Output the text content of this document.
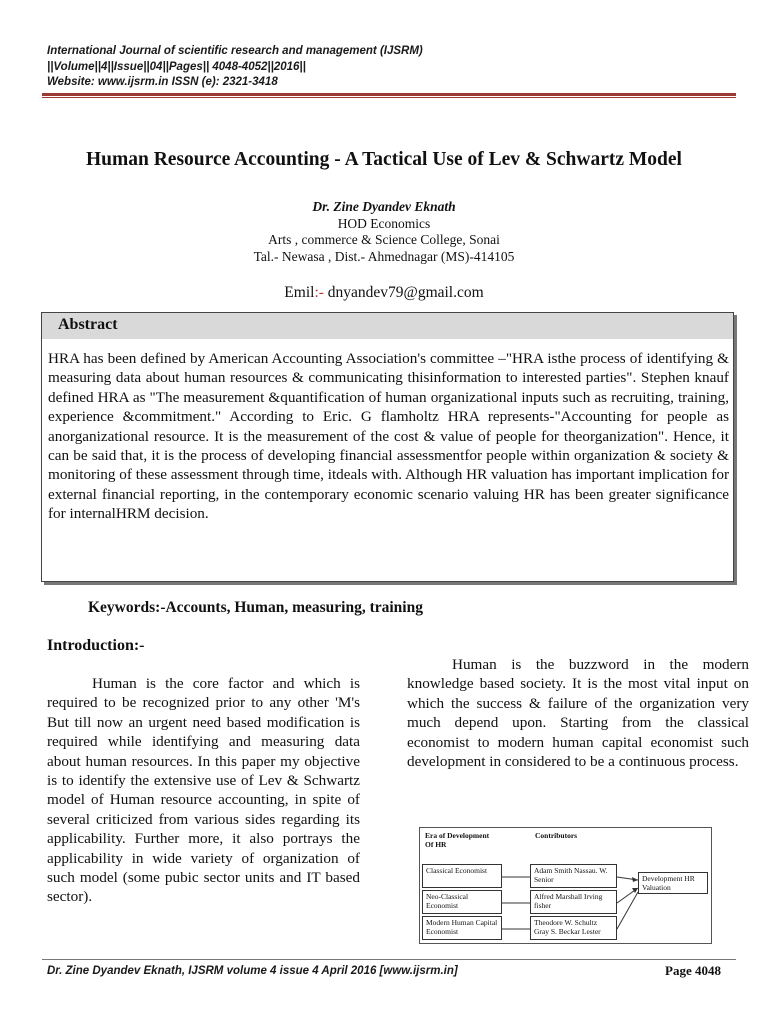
International Journal of scientific research and management (IJSRM)
||Volume||4||Issue||04||Pages|| 4048-4052||2016||
Website: www.ijsrm.in ISSN (e): 2321-3418
Human Resource Accounting - A Tactical Use of Lev & Schwartz Model
Dr. Zine Dyandev Eknath
HOD Economics
Arts , commerce & Science College, Sonai
Tal.- Newasa , Dist.- Ahmednagar (MS)-414105
Emil:- dnyandev79@gmail.com
Abstract
HRA has been defined by American Accounting Association's committee –"HRA isthe process of identifying & measuring data about human resources & communicating thisinformation to interested parties". Stephen knauf defined HRA as "The measurement &quantification of human organizational inputs such as recruiting, training, experience &commitment." According to Eric. G flamholtz HRA represents-"Accounting for people as anorganizational resource. It is the measurement of the cost & value of people for theorganization". Hence, it can be said that, it is the process of developing financial assessmentfor people within organization & society & monitoring of these assessment through time, itdeals with. Although HR valuation has important implication for external financial reporting, in the contemporary economic scenario valuing HR has been greater significance for internalHRM decision.
Keywords:-Accounts, Human, measuring, training
Introduction:-
Human is the core factor and which is required to be recognized prior to any other 'M's But till now an urgent need based modification is required while identifying and measuring data about human resources. In this paper my objective is to identify the extensive use of Lev & Schwartz model of Human resource accounting, in spite of several criticized from various sides regarding its applicability. Further more, it also portrays the applicability in wide variety of organization of such model (some pubic sector units and IT based sector).
Human is the buzzword in the modern knowledge based society. It is the most vital input on which the success & failure of the organization very much depend upon. Starting from the classical economist to modern human capital economist such development in considered to be a continuous process.
Era of Development Of HR
Contributors
Classical Economist	Adam Smith Nassau. W. Senior
Neo-Classical Economist
Alfred Marshall Irving fisher
Modern Human Capital Economist
Theodore W. Schultz Gray S. Beckar Lester
Development HR Valuation
Dr. Zine Dyandev Eknath, IJSRM volume 4 issue 4 April 2016 [www.ijsrm.in]	Page 4048
